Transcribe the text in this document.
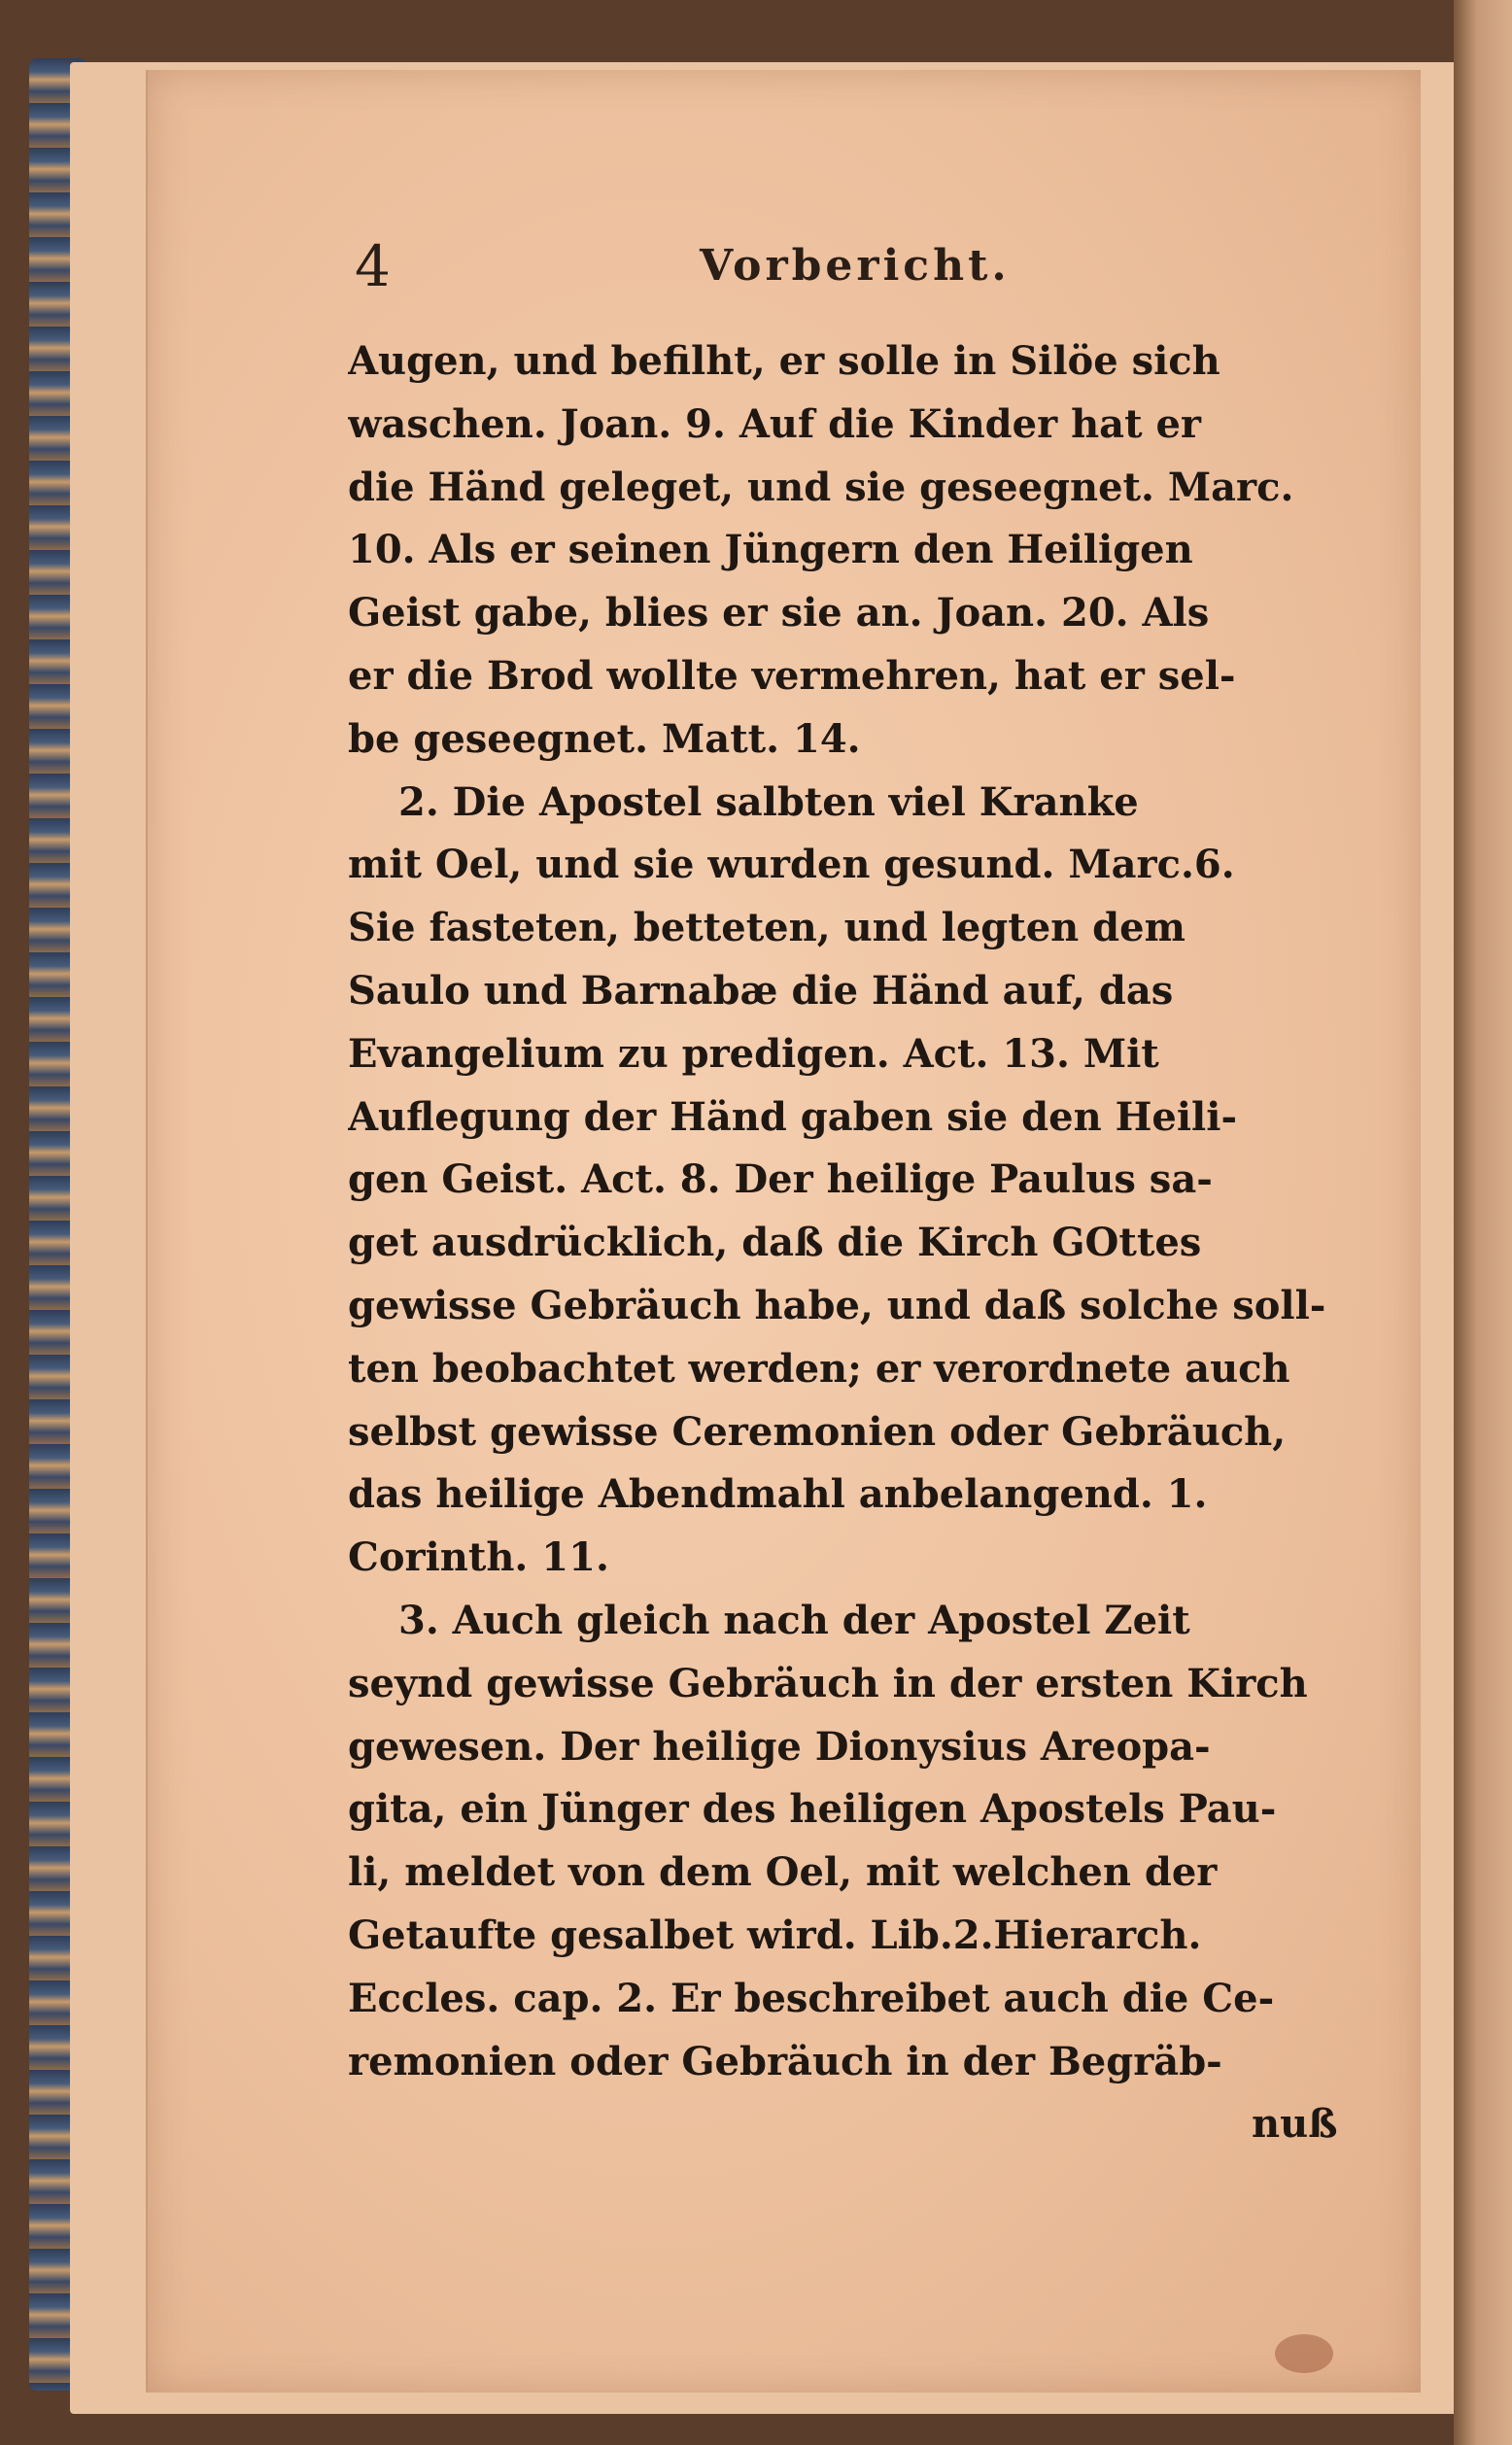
4	Vorbericht.
Augen, und befilht, er solle in Silöe sich
waschen. Joan. 9. Auf die Kinder hat er
die Händ geleget, und sie geseegnet. Marc.
10. Als er seinen Jüngern den Heiligen
Geist gabe, blies er sie an. Joan. 20. Als
er die Brod wollte vermehren, hat er sel-
be geseegnet. Matt. 14.
2. Die Apostel salbten viel Kranke
mit Oel, und sie wurden gesund. Marc.6.
Sie fasteten, betteten, und legten dem
Saulo und Barnabæ die Händ auf, das
Evangelium zu predigen. Act. 13. Mit
Auflegung der Händ gaben sie den Heili-
gen Geist. Act. 8. Der heilige Paulus sa-
get ausdrücklich, daß die Kirch GOttes
gewisse Gebräuch habe, und daß solche soll-
ten beobachtet werden; er verordnete auch
selbst gewisse Ceremonien oder Gebräuch,
das heilige Abendmahl anbelangend. 1.
Corinth. 11.
3. Auch gleich nach der Apostel Zeit
seynd gewisse Gebräuch in der ersten Kirch
gewesen. Der heilige Dionysius Areopa-
gita, ein Jünger des heiligen Apostels Pau-
li, meldet von dem Oel, mit welchen der
Getaufte gesalbet wird. Lib.2.Hierarch.
Eccles. cap. 2. Er beschreibet auch die Ce-
remonien oder Gebräuch in der Begräb-
nuß
